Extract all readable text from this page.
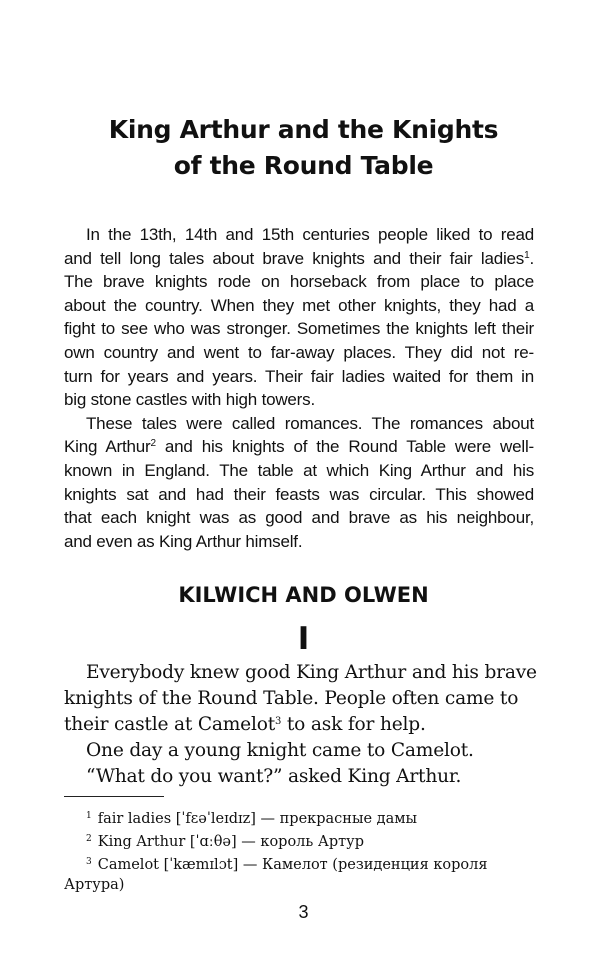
King Arthur and the Knights
of the Round Table
In the 13th, 14th and 15th centuries people liked to read
and tell long tales about brave knights and their fair ladies$^1$.
The brave knights rode on horseback from place to place
about the country. When they met other knights, they had a
fight to see who was stronger. Sometimes the knights left their
own country and went to far-away places. They did not re-
turn for years and years. Their fair ladies waited for them in
big stone castles with high towers.
These tales were called romances. The romances about
King Arthur$^2$ and his knights of the Round Table were well-
known in England. The table at which King Arthur and his
knights sat and had their feasts was circular. This showed
that each knight was as good and brave as his neighbour,
and even as King Arthur himself.
KILWICH AND OLWEN
I
Everybody knew good King Arthur and his brave
knights of the Round Table. People often came to
their castle at Camelot$^3$ to ask for help.
One day a young knight came to Camelot.
“What do you want?” asked King Arthur.
$^1$ fair ladies [ˈfɛəˈleɪdɪz] — прекрасные дамы
$^2$ King Arthur [ˈɑːθə] — король Артур
$^3$ Camelot [ˈkæmɪlɔt] — Камелот (резиденция короля
Артура)
3
